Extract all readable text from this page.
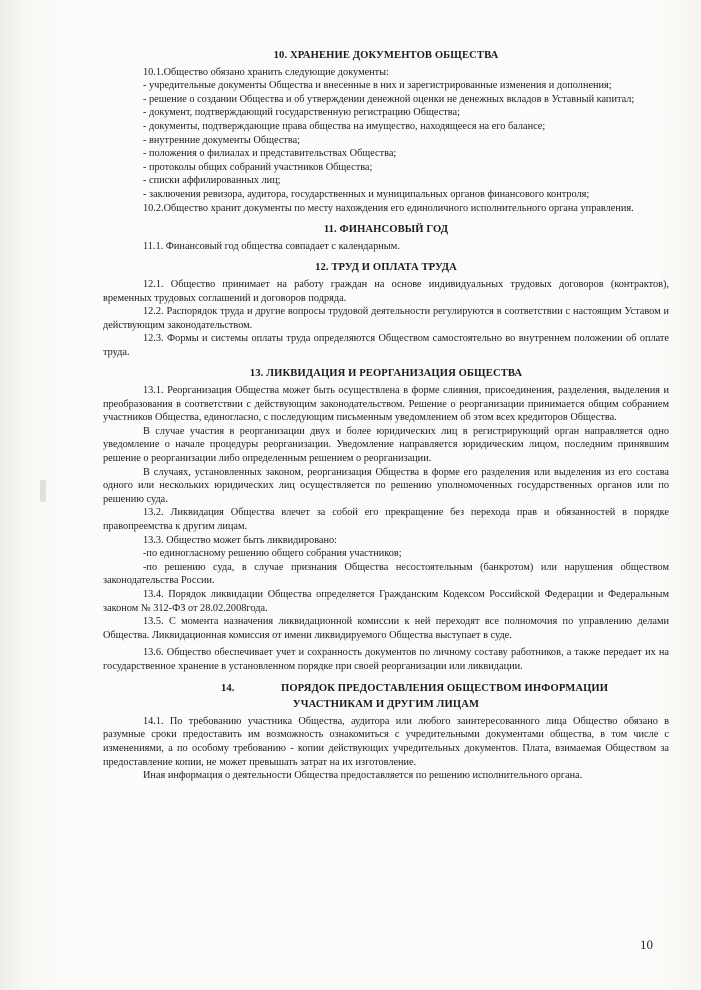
10. ХРАНЕНИЕ ДОКУМЕНТОВ ОБЩЕСТВА

10.1.Общество обязано хранить следующие документы:

- учредительные документы Общества и внесенные в них и зарегистрированные изменения и дополнения;

- решение о создании Общества и об утверждении денежной оценки не денежных вкладов в Уставный капитал;

- документ, подтверждающий государственную регистрацию Общества;

- документы, подтверждающие права общества на имущество, находящееся на его балансе;

- внутренние документы Общества;

- положения о филиалах и представительствах Общества;

- протоколы общих собраний участников Общества;

- списки аффилированных лиц;

- заключения ревизора, аудитора, государственных и муниципальных органов финансового контроля;

10.2.Общество хранит документы по месту нахождения его единоличного исполнительного органа управления.

11. ФИНАНСОВЫЙ ГОД

11.1. Финансовый год общества совпадает с календарным.

12. ТРУД И ОПЛАТА ТРУДА

12.1. Общество принимает на работу граждан на основе индивидуальных трудовых договоров (контрактов), временных трудовых соглашений и договоров подряда.

12.2. Распорядок труда и другие вопросы трудовой деятельности регулируются в соответствии с настоящим Уставом и действующим законодательством.

12.3. Формы и системы оплаты труда определяются Обществом самостоятельно во внутреннем положении об оплате труда.

13. ЛИКВИДАЦИЯ И РЕОРГАНИЗАЦИЯ ОБЩЕСТВА

13.1. Реорганизация Общества может быть осуществлена в форме слияния, присоединения, разделения, выделения и преобразования в соответствии с действующим законодательством. Решение о реорганизации принимается общим собранием участников Общества, единогласно, с последующим письменным уведомлением об этом всех кредиторов Общества.

В случае участия в реорганизации двух и более юридических лиц в регистрирующий орган направляется одно уведомление о начале процедуры реорганизации. Уведомление направляется юридическим лицом, последним принявшим решение о реорганизации либо определенным решением о реорганизации.

В случаях, установленных законом, реорганизация Общества в форме его разделения или выделения из его состава одного или нескольких юридических лиц осуществляется по решению уполномоченных государственных органов или по решению суда.

13.2. Ликвидация Общества влечет за собой его прекращение без перехода прав и обязанностей в порядке правопреемства к другим лицам.

13.3. Общество может быть ликвидировано:

-по единогласному решению общего собрания участников;

-по решению суда, в случае признания Общества несостоятельным (банкротом) или нарушения обществом законодательства России.

13.4. Порядок ликвидации Общества определяется Гражданским Кодексом Российской Федерации и Федеральным законом № 312-ФЗ от 28.02.2008года.

13.5. С момента назначения ликвидационной комиссии к ней переходят все полномочия по управлению делами Общества. Ликвидационная комиссия от имени ликвидируемого Общества выступает в суде.

13.6. Общество обеспечивает учет и сохранность документов по личному составу работников, а также передает их на государственное хранение в установленном порядке при своей реорганизации или ликвидации.

14.	ПОРЯДОК ПРЕДОСТАВЛЕНИЯ ОБЩЕСТВОМ ИНФОРМАЦИИ
УЧАСТНИКАМ И ДРУГИМ ЛИЦАМ

14.1. По требованию участника Общества, аудитора или любого заинтересованного лица Общество обязано в разумные сроки предоставить им возможность ознакомиться с учредительными документами общества, в том числе с изменениями, а по особому требованию - копии действующих учредительных документов. Плата, взимаемая Обществом за предоставление копии, не может превышать затрат на их изготовление.

Иная информация о деятельности Общества предоставляется по решению исполнительного органа.

10
